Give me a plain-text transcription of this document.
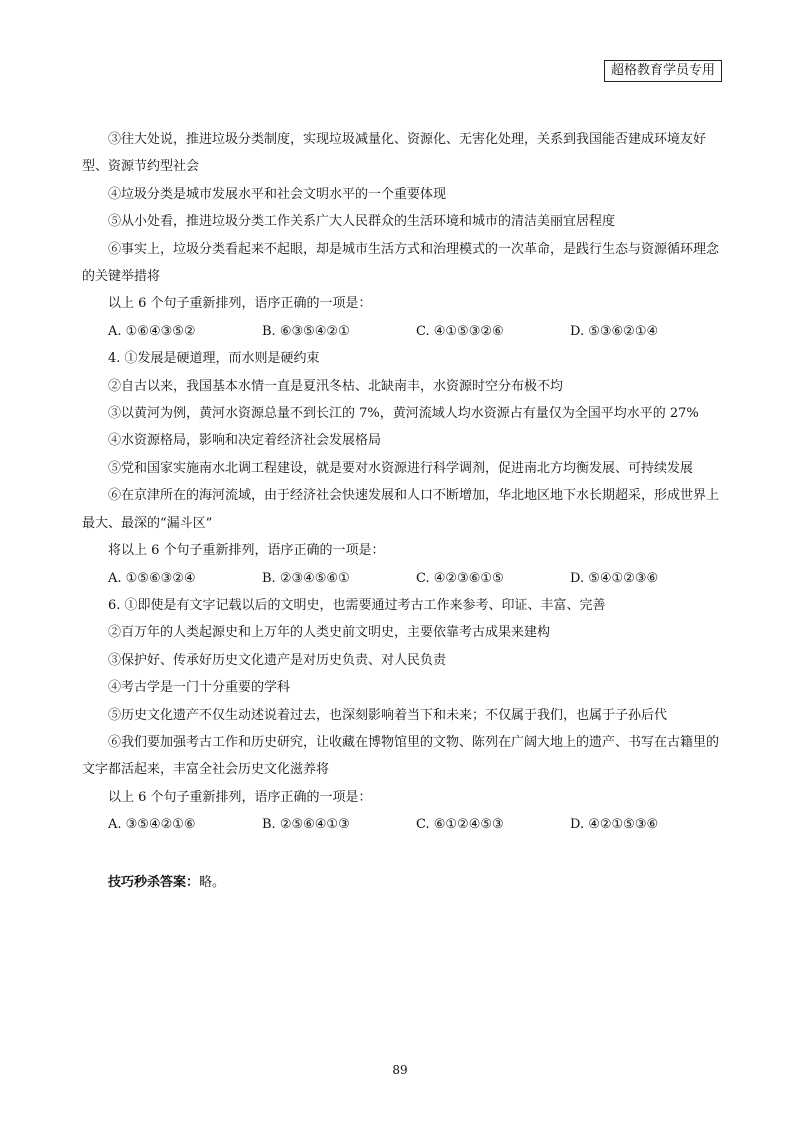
超格教育学员专用

③往大处说，推进垃圾分类制度，实现垃圾减量化、资源化、无害化处理，关系到我国能否建成环境友好型、资源节约型社会

④垃圾分类是城市发展水平和社会文明水平的一个重要体现

⑤从小处看，推进垃圾分类工作关系广大人民群众的生活环境和城市的清洁美丽宜居程度

⑥事实上，垃圾分类看起来不起眼，却是城市生活方式和治理模式的一次革命，是践行生态与资源循环理念的关键举措将

以上 6 个句子重新排列，语序正确的一项是：

A. ①⑥④③⑤②	B. ⑥③⑤④②①	C. ④①⑤③②⑥	D. ⑤③⑥②①④

4. ①发展是硬道理，而水则是硬约束

②自古以来，我国基本水情一直是夏汛冬枯、北缺南丰，水资源时空分布极不均

③以黄河为例，黄河水资源总量不到长江的 7%，黄河流域人均水资源占有量仅为全国平均水平的 27%

④水资源格局，影响和决定着经济社会发展格局

⑤党和国家实施南水北调工程建设，就是要对水资源进行科学调剂，促进南北方均衡发展、可持续发展

⑥在京津所在的海河流域，由于经济社会快速发展和人口不断增加，华北地区地下水长期超采，形成世界上最大、最深的“漏斗区”

将以上 6 个句子重新排列，语序正确的一项是：

A. ①⑤⑥③②④	B. ②③④⑤⑥①	C. ④②③⑥①⑤	D. ⑤④①②③⑥

6. ①即使是有文字记载以后的文明史，也需要通过考古工作来参考、印证、丰富、完善

②百万年的人类起源史和上万年的人类史前文明史，主要依靠考古成果来建构

③保护好、传承好历史文化遗产是对历史负责、对人民负责

④考古学是一门十分重要的学科

⑤历史文化遗产不仅生动述说着过去，也深刻影响着当下和未来；不仅属于我们，也属于子孙后代

⑥我们要加强考古工作和历史研究，让收藏在博物馆里的文物、陈列在广阔大地上的遗产、书写在古籍里的文字都活起来，丰富全社会历史文化滋养将

以上 6 个句子重新排列，语序正确的一项是：

A. ③⑤④②①⑥	B. ②⑤⑥④①③	C. ⑥①②④⑤③	D. ④②①⑤③⑥

技巧秒杀答案：略。

89
